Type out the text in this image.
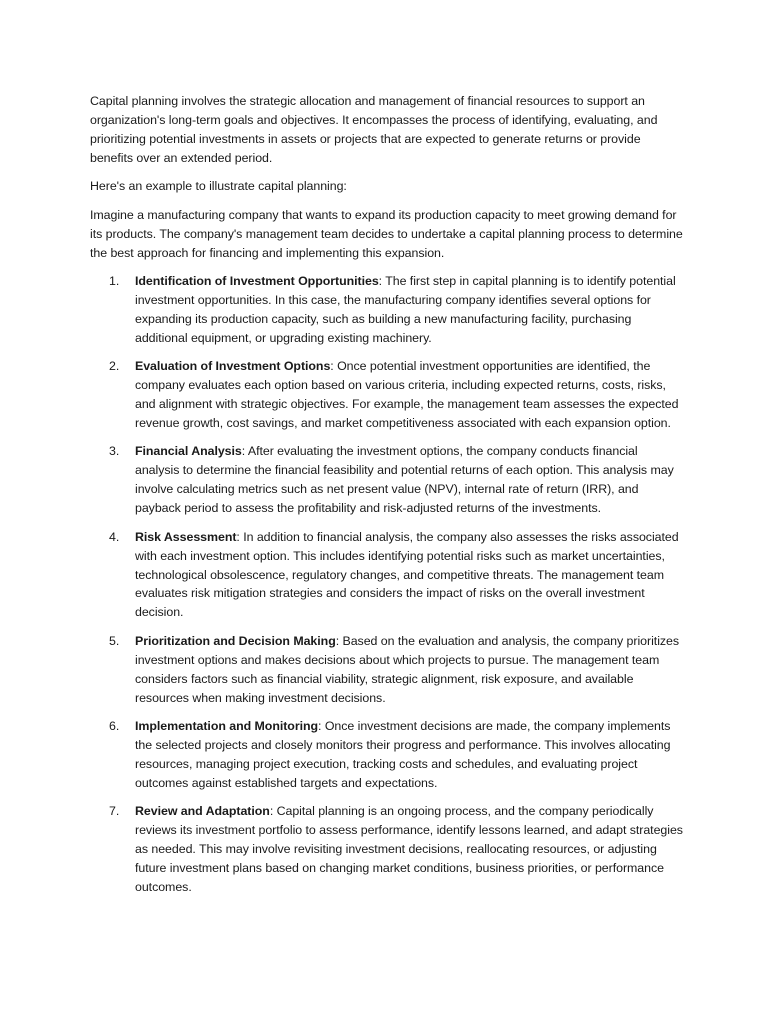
Capital planning involves the strategic allocation and management of financial resources to support an organization's long-term goals and objectives. It encompasses the process of identifying, evaluating, and prioritizing potential investments in assets or projects that are expected to generate returns or provide benefits over an extended period.

Here's an example to illustrate capital planning:

Imagine a manufacturing company that wants to expand its production capacity to meet growing demand for its products. The company's management team decides to undertake a capital planning process to determine the best approach for financing and implementing this expansion.

1. Identification of Investment Opportunities: The first step in capital planning is to identify potential investment opportunities. In this case, the manufacturing company identifies several options for expanding its production capacity, such as building a new manufacturing facility, purchasing additional equipment, or upgrading existing machinery.
2. Evaluation of Investment Options: Once potential investment opportunities are identified, the company evaluates each option based on various criteria, including expected returns, costs, risks, and alignment with strategic objectives. For example, the management team assesses the expected revenue growth, cost savings, and market competitiveness associated with each expansion option.
3. Financial Analysis: After evaluating the investment options, the company conducts financial analysis to determine the financial feasibility and potential returns of each option. This analysis may involve calculating metrics such as net present value (NPV), internal rate of return (IRR), and payback period to assess the profitability and risk-adjusted returns of the investments.
4. Risk Assessment: In addition to financial analysis, the company also assesses the risks associated with each investment option. This includes identifying potential risks such as market uncertainties, technological obsolescence, regulatory changes, and competitive threats. The management team evaluates risk mitigation strategies and considers the impact of risks on the overall investment decision.
5. Prioritization and Decision Making: Based on the evaluation and analysis, the company prioritizes investment options and makes decisions about which projects to pursue. The management team considers factors such as financial viability, strategic alignment, risk exposure, and available resources when making investment decisions.
6. Implementation and Monitoring: Once investment decisions are made, the company implements the selected projects and closely monitors their progress and performance. This involves allocating resources, managing project execution, tracking costs and schedules, and evaluating project outcomes against established targets and expectations.
7. Review and Adaptation: Capital planning is an ongoing process, and the company periodically reviews its investment portfolio to assess performance, identify lessons learned, and adapt strategies as needed. This may involve revisiting investment decisions, reallocating resources, or adjusting future investment plans based on changing market conditions, business priorities, or performance outcomes.
